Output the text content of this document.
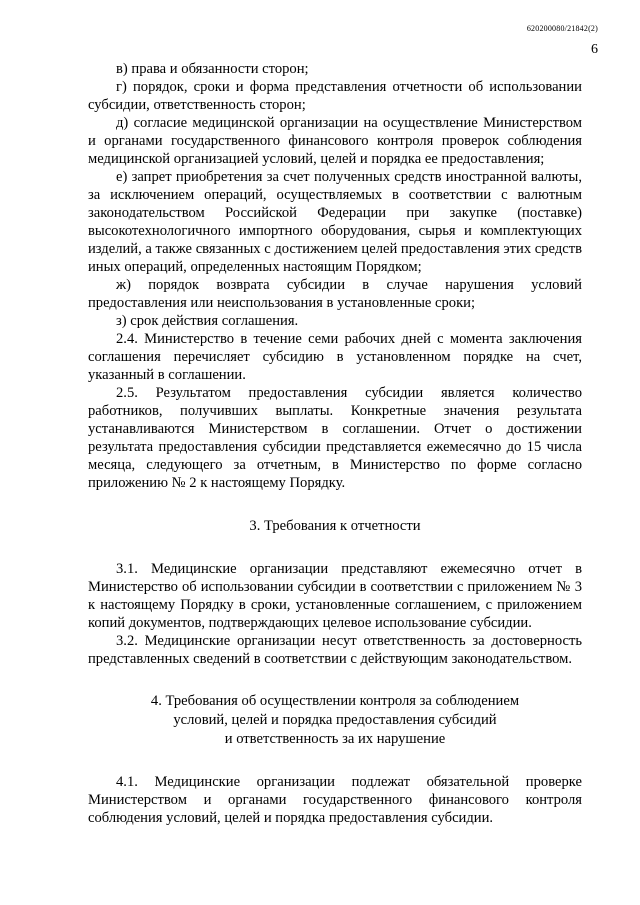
620200080/21842(2)
6

в) права и обязанности сторон;

г) порядок, сроки и форма представления отчетности об использовании субсидии, ответственность сторон;

д) согласие медицинской организации на осуществление Министерством и органами государственного финансового контроля проверок соблюдения медицинской организацией условий, целей и порядка ее предоставления;

е) запрет приобретения за счет полученных средств иностранной валюты, за исключением операций, осуществляемых в соответствии с валютным законодательством Российской Федерации при закупке (поставке) высокотехнологичного импортного оборудования, сырья и комплектующих изделий, а также связанных с достижением целей предоставления этих средств иных операций, определенных настоящим Порядком;

ж) порядок возврата субсидии в случае нарушения условий предоставления или неиспользования в установленные сроки;

з) срок действия соглашения.

2.4. Министерство в течение семи рабочих дней с момента заключения соглашения перечисляет субсидию в установленном порядке на счет, указанный в соглашении.

2.5. Результатом предоставления субсидии является количество работников, получивших выплаты. Конкретные значения результата устанавливаются Министерством в соглашении. Отчет о достижении результата предоставления субсидии представляется ежемесячно до 15 числа месяца, следующего за отчетным, в Министерство по форме согласно приложению № 2 к настоящему Порядку.

3. Требования к отчетности

3.1. Медицинские организации представляют ежемесячно отчет в Министерство об использовании субсидии в соответствии с приложением № 3 к настоящему Порядку в сроки, установленные соглашением, с приложением копий документов, подтверждающих целевое использование субсидии.

3.2. Медицинские организации несут ответственность за достоверность представленных сведений в соответствии с действующим законодательством.

4. Требования об осуществлении контроля за соблюдением
условий, целей и порядка предоставления субсидий
и ответственность за их нарушение

4.1. Медицинские организации подлежат обязательной проверке Министерством и органами государственного финансового контроля соблюдения условий, целей и порядка предоставления субсидии.
